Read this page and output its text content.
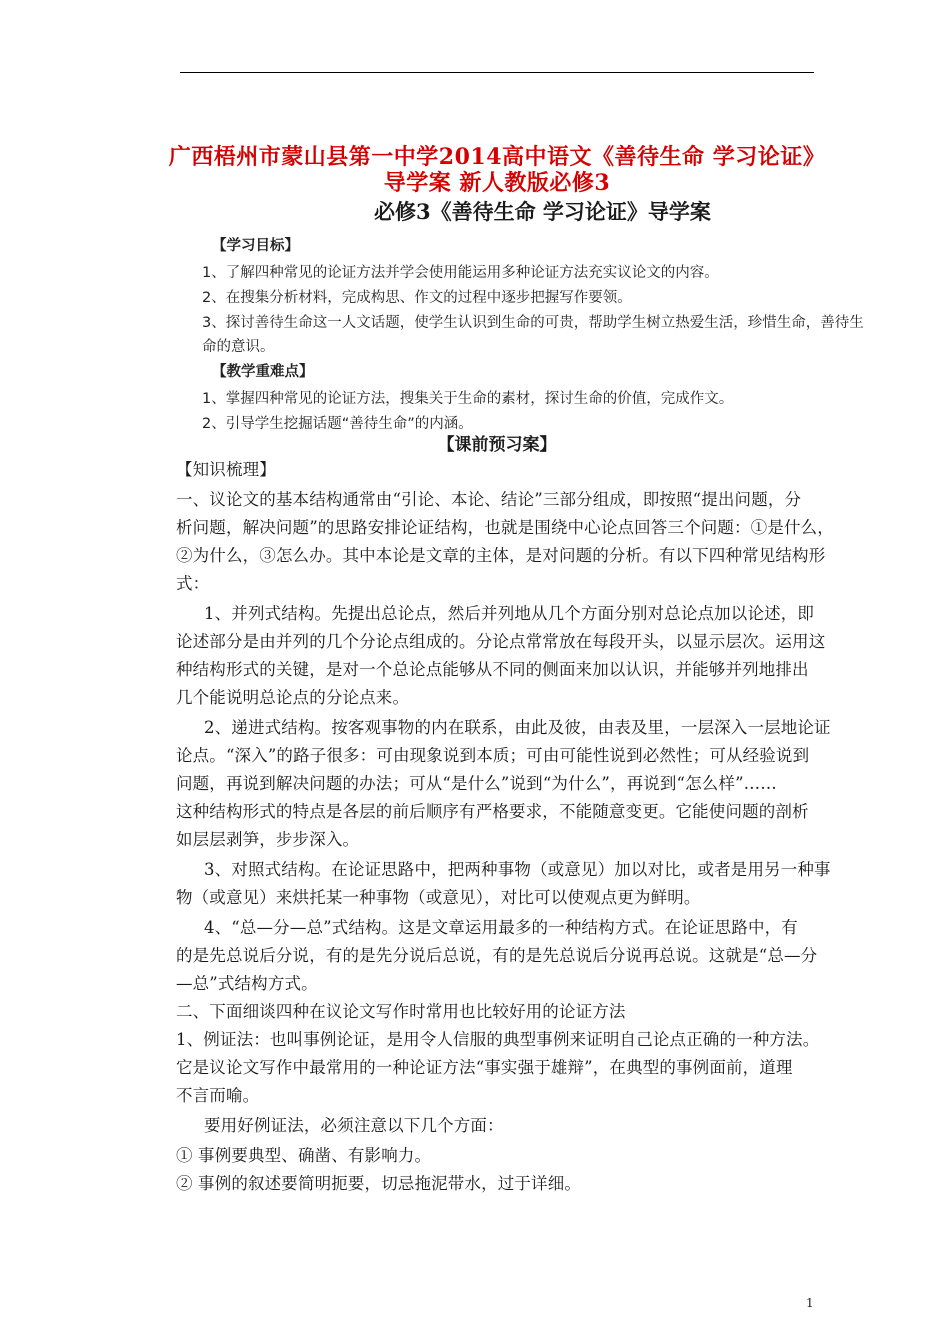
广西梧州市蒙山县第一中学2014高中语文《善待生命 学习论证》
导学案 新人教版必修3
必修3《善待生命 学习论证》导学案
【学习目标】
1、了解四种常见的论证方法并学会使用能运用多种论证方法充实议论文的内容。
2、在搜集分析材料，完成构思、作文的过程中逐步把握写作要领。
3、探讨善待生命这一人文话题，使学生认识到生命的可贵，帮助学生树立热爱生活，珍惜生命，善待生
命的意识。
【教学重难点】
1、掌握四种常见的论证方法，搜集关于生命的素材，探讨生命的价值，完成作文。
2、引导学生挖掘话题“善待生命”的内涵。
【课前预习案】
【知识梳理】
一、议论文的基本结构通常由“引论、本论、结论”三部分组成，即按照“提出问题，分
析问题，解决问题”的思路安排论证结构，也就是围绕中心论点回答三个问题：①是什么，
②为什么，③怎么办。其中本论是文章的主体，是对问题的分析。有以下四种常见结构形
式：
1、并列式结构。先提出总论点，然后并列地从几个方面分别对总论点加以论述，即
论述部分是由并列的几个分论点组成的。分论点常常放在每段开头，以显示层次。运用这
种结构形式的关键，是对一个总论点能够从不同的侧面来加以认识，并能够并列地排出
几个能说明总论点的分论点来。
2、递进式结构。按客观事物的内在联系，由此及彼，由表及里，一层深入一层地论证
论点。“深入”的路子很多：可由现象说到本质；可由可能性说到必然性；可从经验说到
问题，再说到解决问题的办法；可从“是什么”说到“为什么”，再说到“怎么样”……
这种结构形式的特点是各层的前后顺序有严格要求，不能随意变更。它能使问题的剖析
如层层剥笋，步步深入。
3、对照式结构。在论证思路中，把两种事物（或意见）加以对比，或者是用另一种事
物（或意见）来烘托某一种事物（或意见），对比可以使观点更为鲜明。
4、“总—分—总”式结构。这是文章运用最多的一种结构方式。在论证思路中，有
的是先总说后分说，有的是先分说后总说，有的是先总说后分说再总说。这就是“总—分
—总”式结构方式。
二、下面细谈四种在议论文写作时常用也比较好用的论证方法
1、例证法：也叫事例论证，是用令人信服的典型事例来证明自己论点正确的一种方法。
它是议论文写作中最常用的一种论证方法“事实强于雄辩”，在典型的事例面前，道理
不言而喻。
要用好例证法，必须注意以下几个方面：
① 事例要典型、确凿、有影响力。
② 事例的叙述要简明扼要，切忌拖泥带水，过于详细。
1
